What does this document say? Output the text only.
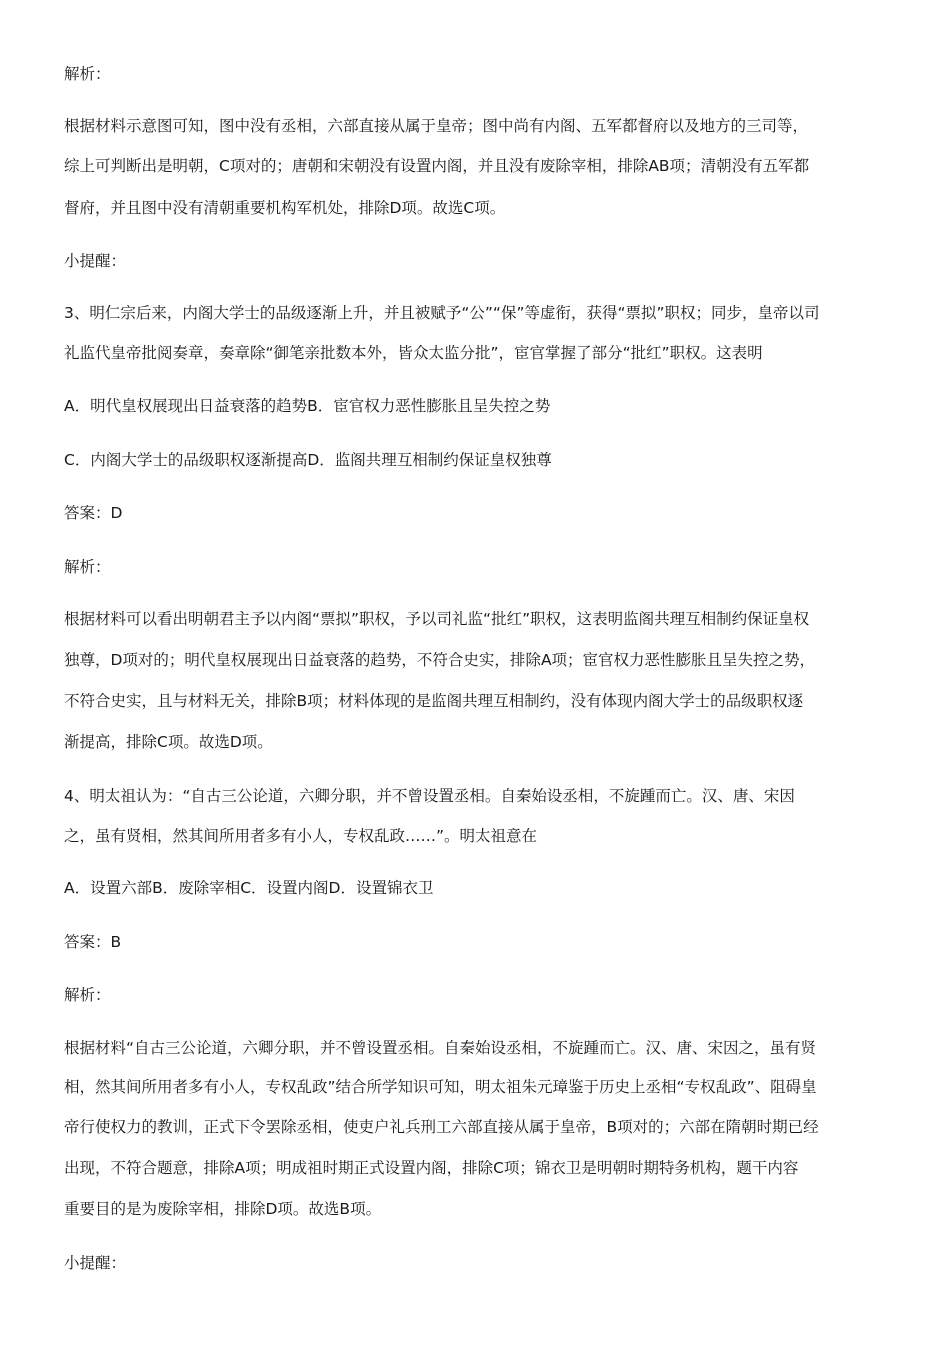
解析：
根据材料示意图可知，图中没有丞相，六部直接从属于皇帝；图中尚有内阁、五军都督府以及地方的三司等，
综上可判断出是明朝，C项对的；唐朝和宋朝没有设置内阁，并且没有废除宰相，排除AB项；清朝没有五军都
督府，并且图中没有清朝重要机构军机处，排除D项。故选C项。
小提醒：
3、明仁宗后来，内阁大学士的品级逐渐上升，并且被赋予“公”“保”等虚衔，获得“票拟”职权；同步，皇帝以司
礼监代皇帝批阅奏章，奏章除“御笔亲批数本外，皆众太监分批”，宦官掌握了部分“批红”职权。这表明
A．明代皇权展现出日益衰落的趋势B．宦官权力恶性膨胀且呈失控之势
C．内阁大学士的品级职权逐渐提高D．监阁共理互相制约保证皇权独尊
答案：D
解析：
根据材料可以看出明朝君主予以内阁“票拟”职权，予以司礼监“批红”职权，这表明监阁共理互相制约保证皇权
独尊，D项对的；明代皇权展现出日益衰落的趋势，不符合史实，排除A项；宦官权力恶性膨胀且呈失控之势，
不符合史实，且与材料无关，排除B项；材料体现的是监阁共理互相制约，没有体现内阁大学士的品级职权逐
渐提高，排除C项。故选D项。
4、明太祖认为：“自古三公论道，六卿分职，并不曾设置丞相。自秦始设丞相，不旋踵而亡。汉、唐、宋因
之，虽有贤相，然其间所用者多有小人，专权乱政……”。明太祖意在
A．设置六部B．废除宰相C．设置内阁D．设置锦衣卫
答案：B
解析：
根据材料“自古三公论道，六卿分职，并不曾设置丞相。自秦始设丞相，不旋踵而亡。汉、唐、宋因之，虽有贤
相，然其间所用者多有小人，专权乱政”结合所学知识可知，明太祖朱元璋鉴于历史上丞相“专权乱政”、阻碍皇
帝行使权力的教训，正式下令罢除丞相，使吏户礼兵刑工六部直接从属于皇帝，B项对的；六部在隋朝时期已经
出现，不符合题意，排除A项；明成祖时期正式设置内阁，排除C项；锦衣卫是明朝时期特务机构，题干内容
重要目的是为废除宰相，排除D项。故选B项。
小提醒：
